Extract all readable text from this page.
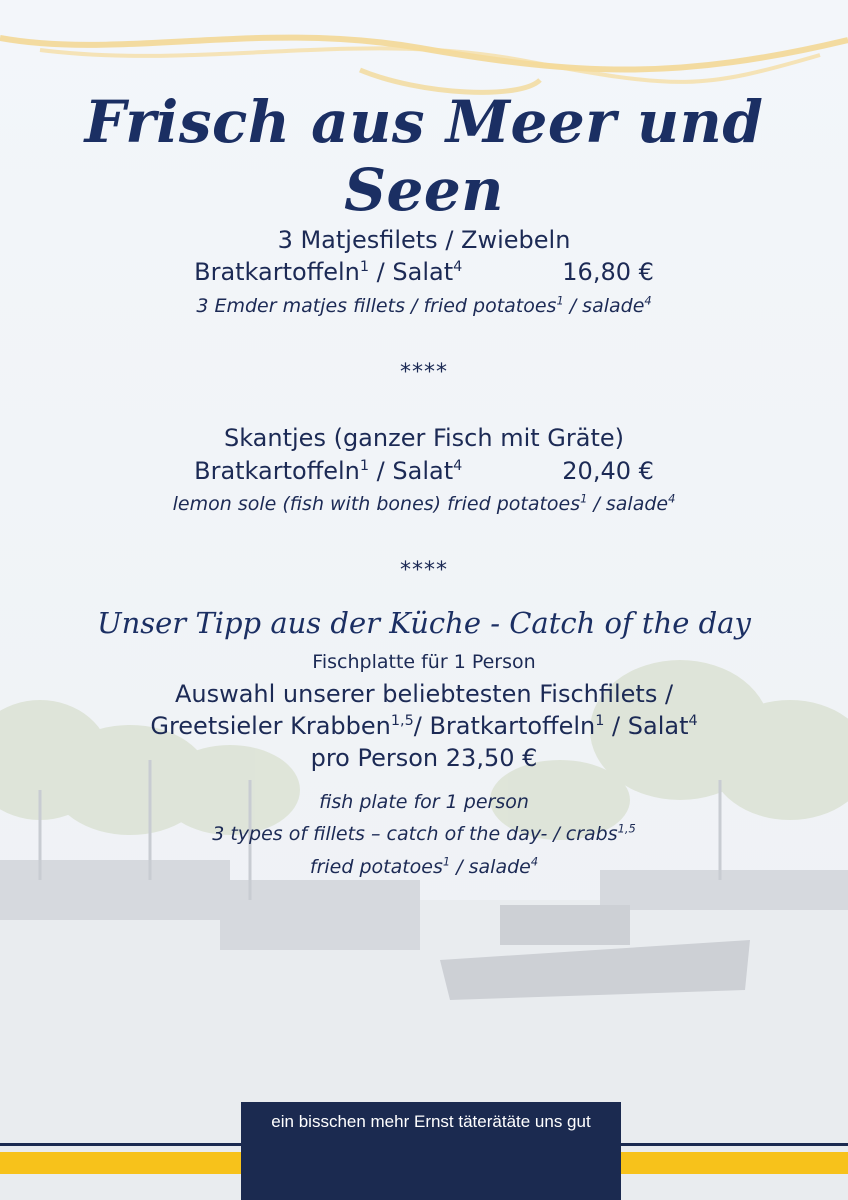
Frisch aus Meer und Seen
3 Matjesfilets / Zwiebeln
Bratkartoffeln$^1$ / Salat$^4$	16,80 €
3 Emder matjes fillets / fried potatoes$^1$ / salade$^4$
****
Skantjes (ganzer Fisch mit Gräte)
Bratkartoffeln$^1$ / Salat$^4$	20,40 €
lemon sole (fish with bones) fried potatoes$^1$ / salade$^4$
****
Unser Tipp aus der Küche - Catch of the day
Fischplatte für 1 Person
Auswahl unserer beliebtesten Fischfilets /
Greetsieler Krabben$^{1,5}$/ Bratkartoffeln$^1$ / Salat$^4$
pro Person 23,50 €
fish plate for 1 person
3 types of fillets – catch of the day- / crabs$^{1,5}$
fried potatoes$^1$ / salade$^4$
ein bisschen mehr Ernst täterätäte uns gut
